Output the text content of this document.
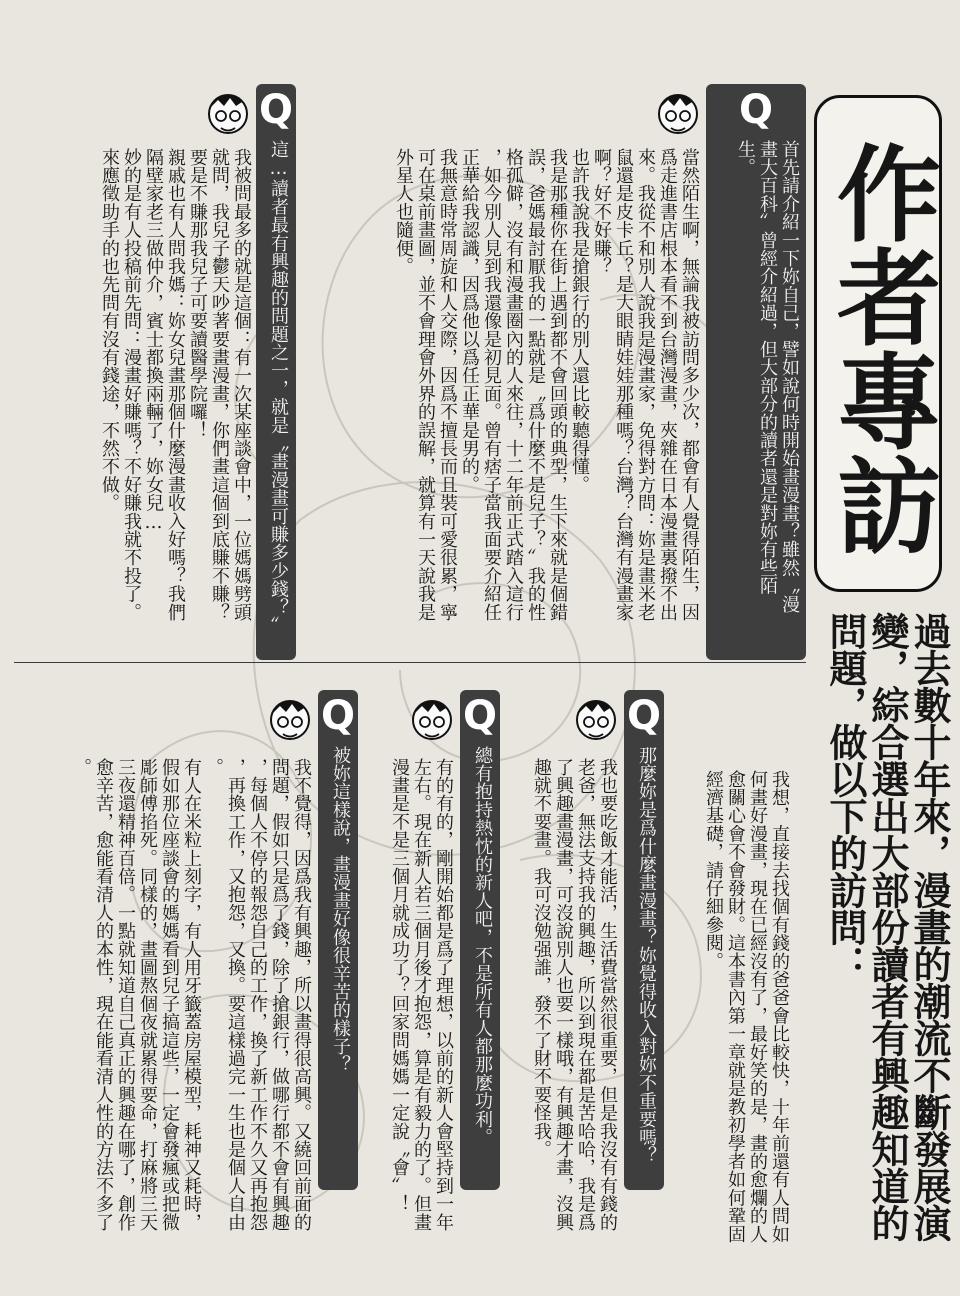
作者專訪
過去數十年來，漫畫的潮流不斷發展演
變，綜合選出大部份讀者有興趣知道的
問題，做以下的訪問：
Q
首先請介紹一下妳自己，譬如說何時開始畫漫畫？雖然〝漫
畫大百科〞曾經介紹過，但大部分的讀者還是對妳有些陌
生。
當然陌生啊，無論我被訪問多少次，都會有人覺得陌生，因
爲走進書店根本看不到台灣漫畫，夾雜在日本漫畫裏撥不出
來。我從不和別人說我是漫畫家，免得對方問：妳是畫米老
鼠還是皮卡丘？是大眼睛娃娃那種嗎？台灣？台灣有漫畫家
啊？好不好賺？
也許我說我是搶銀行的別人還比較聽得懂。
我是那種你在街上遇到都不會回頭的典型，生下來就是個錯
誤，爸媽最討厭我的一點就是〝爲什麼不是兒子？〞我的性
格孤僻，沒有和漫畫圈內的人來往，十二年前正式踏入這行
，如今別人見到我還像是初見面。曾有痞子當我面要介紹任
正華給我認識，因爲他以爲任正華是男的。
我無意時常周旋和人交際，因爲不擅長而且裝可愛很累，寧
可在桌前畫圖，並不會理會外界的誤解，就算有一天說我是
外星人也隨便。
Q
這…讀者最有興趣的問題之一，就是〝畫漫畫可賺多少錢？〞
我被問最多的就是這個：有一次某座談會中，一位媽媽劈頭
就問，我兒子鬱天吵著要畫漫畫，你們畫這個到底賺不賺？
要是不賺那我兒子可要讀醫學院囉！
親戚也有人問我媽：妳女兒畫那個什麼漫畫收入好嗎？我們
隔壁家老三做仲介，賓士都換兩輛了，妳女兒…
妙的是有人投稿前先問：漫畫好賺嗎？不好賺我就不投了。
來應徵助手的也先問有沒有錢途，不然不做。
Q
那麼妳是爲什麼畫漫畫？妳覺得收入對妳不重要嗎？
我也要吃飯才能活，生活費當然很重要，但是我沒有有錢的
老爸，無法支持我的興趣，所以到現在都是苦哈哈，我是爲
了興趣畫漫畫，可沒說別人也要一樣哦，有興趣才畫，沒興
趣就不要畫。我可沒勉强誰，發不了財不要怪我。
Q
總有抱持熱忱的新人吧，不是所有人都那麼功利。
有的有的，剛開始都是爲了理想，以前的新人會堅持到一年
左右。現在新人若三個月後才抱怨，算是有毅力的了。但畫
漫畫是不是三個月就成功了？回家問媽媽一定說〝會〞！
Q
被妳這樣說，畫漫畫好像很辛苦的樣子？
我不覺得，因爲我有興趣，所以畫得很高興。又繞回前面的
問題，假如只是爲了錢，除了搶銀行，做哪行都不會有興趣
，每個人不停的報怨自己的工作，換了新工作不久又再抱怨
，再換工作，又抱怨，又換。要這樣過完一生也是個人自由
。
有人在米粒上刻字，有人用牙籤蓋房屋模型，耗神又耗時，
假如那位座談會的媽媽看到兒子搞這些，一定會發瘋或把微
彫師傅掐死。同樣的，畫圖熬個夜就累得要命，打麻將三天
三夜還精神百倍。一點就知道自己真正的興趣在哪了，創作
愈辛苦，愈能看清人的本性，現在能看清人性的方法不多了
。
我想，直接去找個有錢的爸爸會比較快，十年前還有人問如
何畫好漫畫，現在已經沒有了，最好笑的是，畫的愈爛的人
愈關心會不會發財。這本書內第一章就是教初學者如何鞏固
經濟基礎，請仔細參閱。
